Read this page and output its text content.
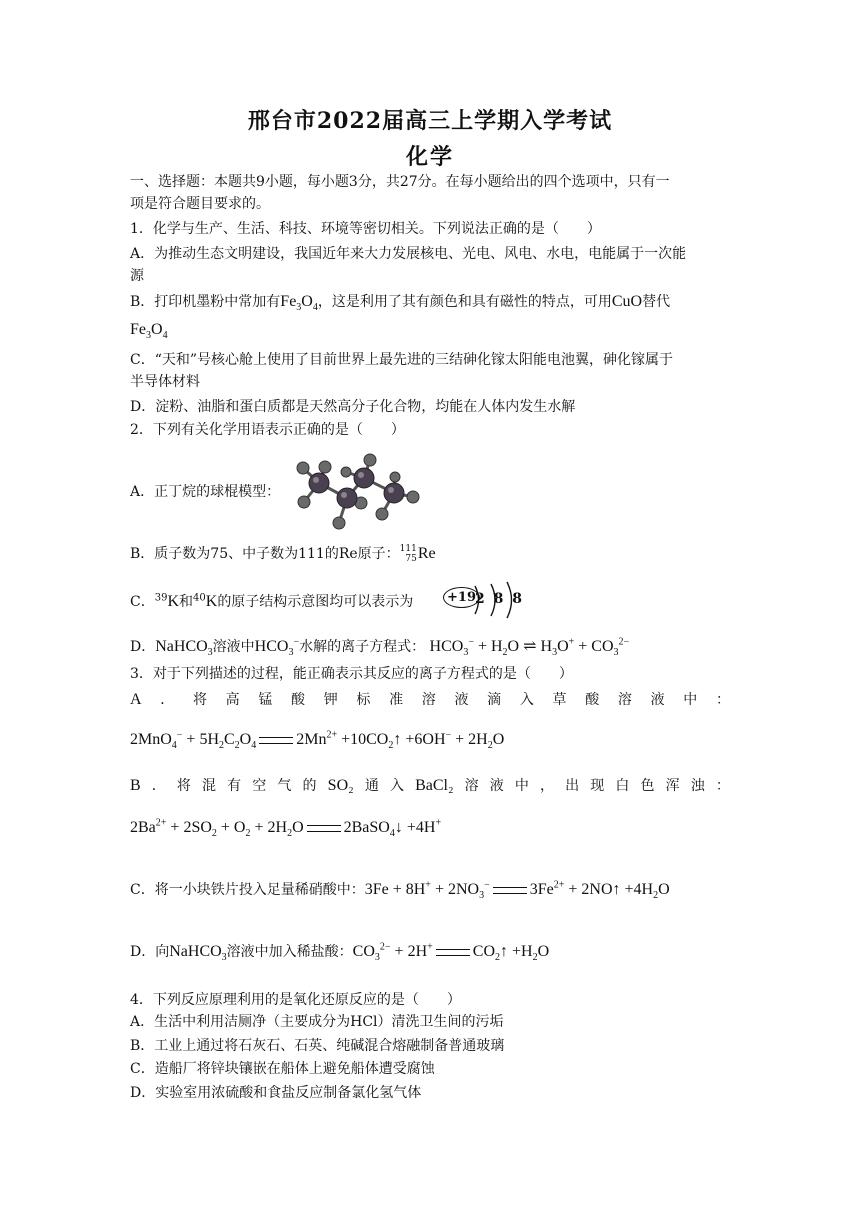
邢台市2022届高三上学期入学考试
化学
一、选择题：本题共9小题，每小题3分，共27分。在每小题给出的四个选项中，只有一
项是符合题目要求的。
1．化学与生产、生活、科技、环境等密切相关。下列说法正确的是（　　）
A．为推动生态文明建设，我国近年来大力发展核电、光电、风电、水电，电能属于一次能
源
B．打印机墨粉中常加有$Fe_3O_4$，这是利用了其有颜色和具有磁性的特点，可用CuO替代
$Fe_3O_4$
C．“天和”号核心舱上使用了目前世界上最先进的三结砷化镓太阳能电池翼，砷化镓属于
半导体材料
D．淀粉、油脂和蛋白质都是天然高分子化合物，均能在人体内发生水解
2．下列有关化学用语表示正确的是（　　）
A．正丁烷的球棍模型：
B．质子数为75、中子数为111的Re原子： 111
75 Re
C．$^{39}$K和$^{40}$K的原子结构示意图均可以表示为	+19 2 8 8
D．NaHCO$_3$溶液中$HCO_3^-$水解的离子方程式： $HCO_3^- + H_2O$ ⇌ $H_3O^+ + CO_3^{2-}$
3．对于下列描述的过程，能正确表示其反应的离子方程式的是（　　）
A ． 将 高 锰 酸 钾 标 准 溶 液 滴 入 草 酸 溶 液 中 ：
$2MnO_4^- + 5H_2C_2O_4$	$2Mn^{2+}$ $+10CO_2↑ +6OH^- + 2H_2O$
B ． 将 混 有 空 气 的 SO₂ 通 入 BaCl₂ 溶 液 中 ， 出 现 白 色 浑 浊 ：
$2Ba^{2+} + 2SO_2 + O_2 + 2H_2O$	2BaSO$_4$↓ +4H+
C．将一小块铁片投入足量稀硝酸中：$3Fe + 8H^+ + 2NO_3^-$	$3Fe^{2+}$ + 2NO↑ $+4H_2O$
D．向NaHCO$_3$溶液中加入稀盐酸：$CO_3^{2-} + 2H^+$	$CO_2↑ +H_2O$
4．下列反应原理利用的是氧化还原反应的是（　　）
A．生活中利用洁厕净（主要成分为HCl）清洗卫生间的污垢
B．工业上通过将石灰石、石英、纯碱混合熔融制备普通玻璃
C．造船厂将锌块镶嵌在船体上避免船体遭受腐蚀
D．实验室用浓硫酸和食盐反应制备氯化氢气体
